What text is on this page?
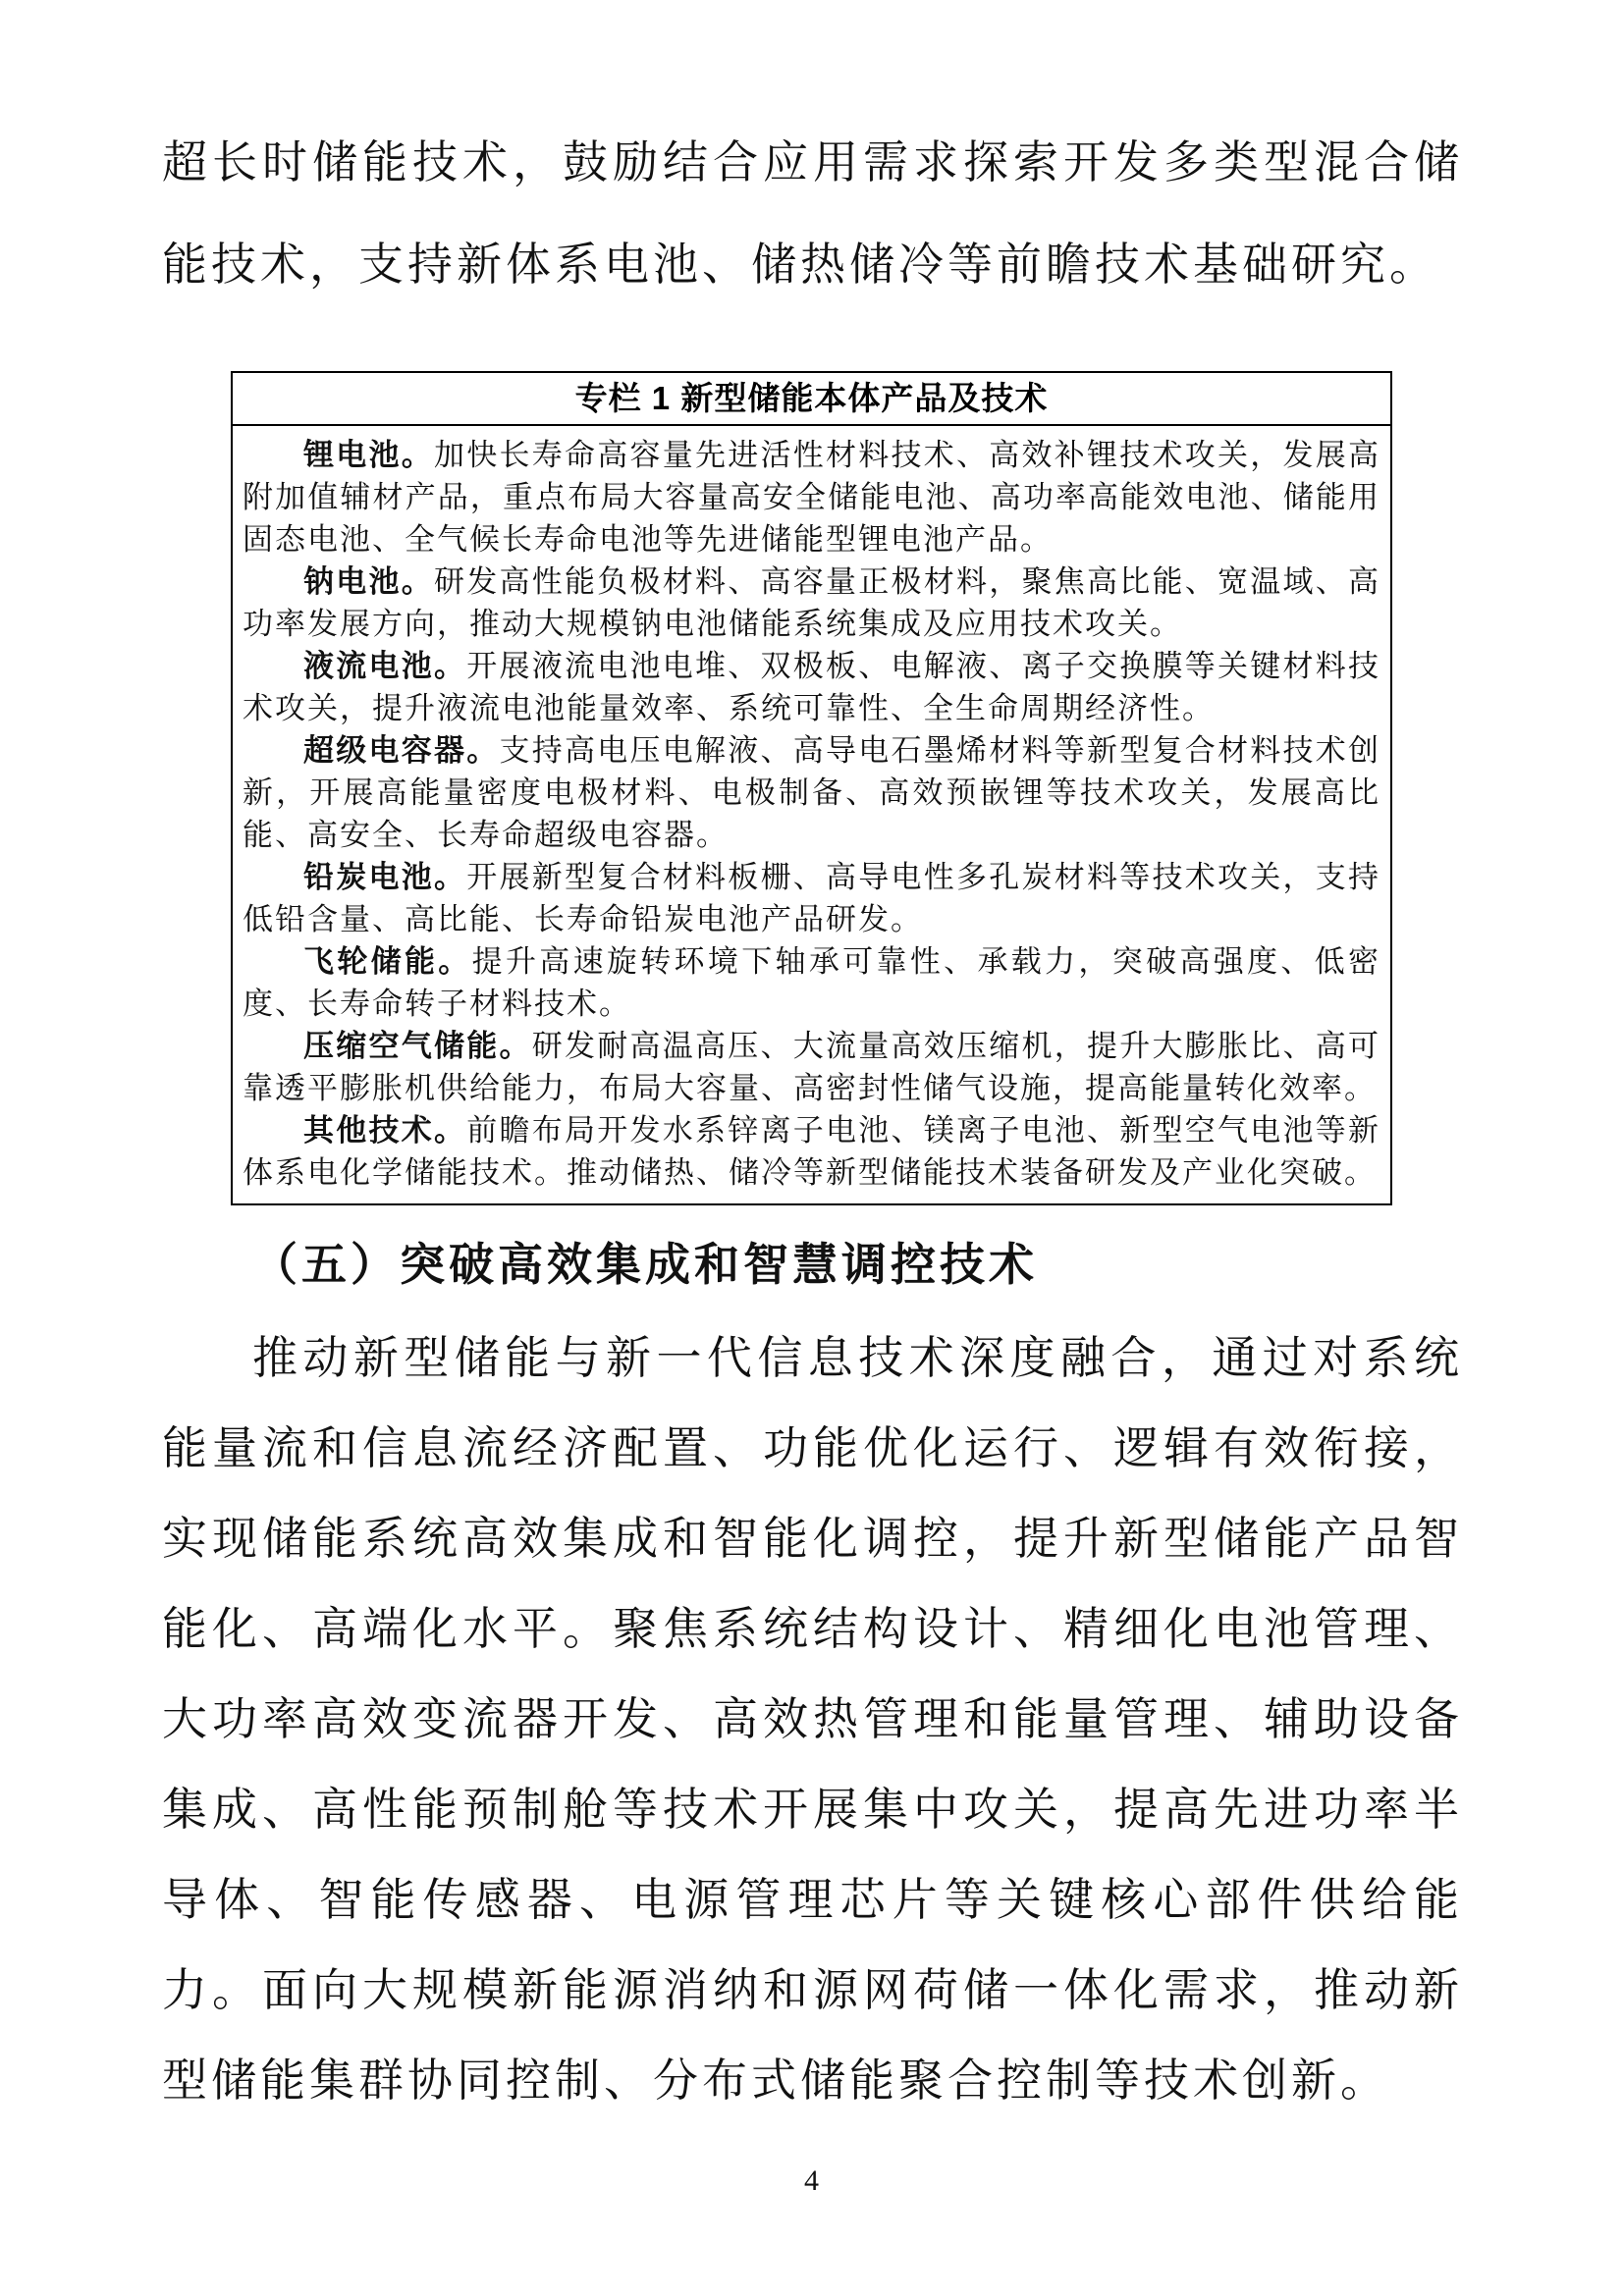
超长时储能技术，鼓励结合应用需求探索开发多类型混合储能技术，支持新体系电池、储热储冷等前瞻技术基础研究。

专栏 1 新型储能本体产品及技术

锂电池。加快长寿命高容量先进活性材料技术、高效补锂技术攻关，发展高附加值辅材产品，重点布局大容量高安全储能电池、高功率高能效电池、储能用固态电池、全气候长寿命电池等先进储能型锂电池产品。

钠电池。研发高性能负极材料、高容量正极材料，聚焦高比能、宽温域、高功率发展方向，推动大规模钠电池储能系统集成及应用技术攻关。

液流电池。开展液流电池电堆、双极板、电解液、离子交换膜等关键材料技术攻关，提升液流电池能量效率、系统可靠性、全生命周期经济性。

超级电容器。支持高电压电解液、高导电石墨烯材料等新型复合材料技术创新，开展高能量密度电极材料、电极制备、高效预嵌锂等技术攻关，发展高比能、高安全、长寿命超级电容器。

铅炭电池。开展新型复合材料板栅、高导电性多孔炭材料等技术攻关，支持低铅含量、高比能、长寿命铅炭电池产品研发。

飞轮储能。提升高速旋转环境下轴承可靠性、承载力，突破高强度、低密度、长寿命转子材料技术。

压缩空气储能。研发耐高温高压、大流量高效压缩机，提升大膨胀比、高可靠透平膨胀机供给能力，布局大容量、高密封性储气设施，提高能量转化效率。

其他技术。前瞻布局开发水系锌离子电池、镁离子电池、新型空气电池等新体系电化学储能技术。推动储热、储冷等新型储能技术装备研发及产业化突破。

（五）突破高效集成和智慧调控技术

推动新型储能与新一代信息技术深度融合，通过对系统能量流和信息流经济配置、功能优化运行、逻辑有效衔接，实现储能系统高效集成和智能化调控，提升新型储能产品智能化、高端化水平。聚焦系统结构设计、精细化电池管理、大功率高效变流器开发、高效热管理和能量管理、辅助设备集成、高性能预制舱等技术开展集中攻关，提高先进功率半导体、智能传感器、电源管理芯片等关键核心部件供给能力。面向大规模新能源消纳和源网荷储一体化需求，推动新型储能集群协同控制、分布式储能聚合控制等技术创新。

4
